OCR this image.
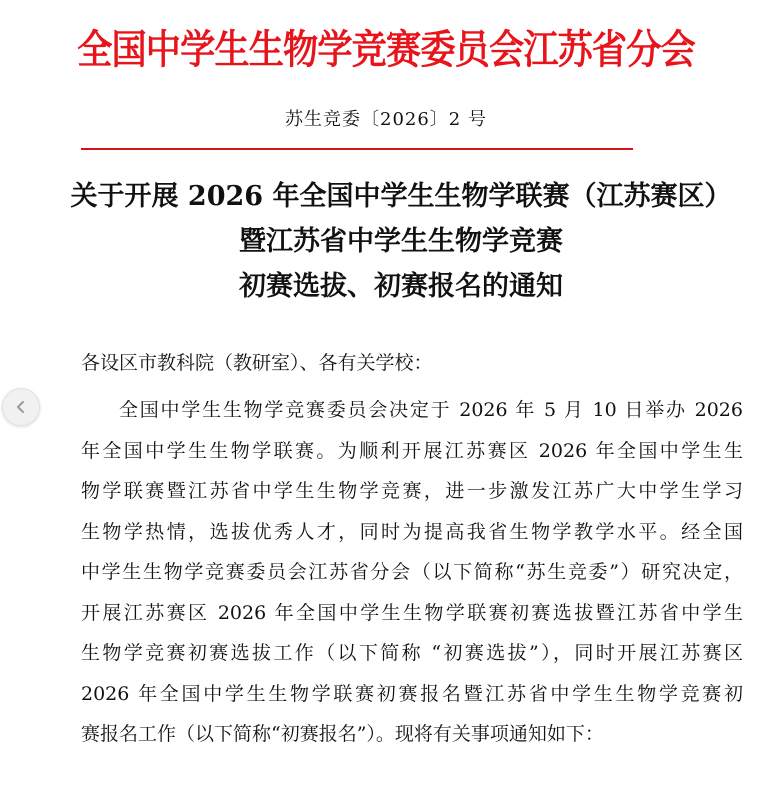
全国中学生生物学竞赛委员会江苏省分会
苏生竞委〔2026〕2 号
关于开展 2026 年全国中学生生物学联赛（江苏赛区）
暨江苏省中学生生物学竞赛
初赛选拔、初赛报名的通知
各设区市教科院（教研室）、各有关学校：
全国中学生生物学竞赛委员会决定于 2026 年 5 月 10 日举办 2026
年全国中学生生物学联赛。为顺利开展江苏赛区 2026 年全国中学生生
物学联赛暨江苏省中学生生物学竞赛，进一步激发江苏广大中学生学习
生物学热情，选拔优秀人才，同时为提高我省生物学教学水平。经全国
中学生生物学竞赛委员会江苏省分会（以下简称“苏生竞委”）研究决定，
开展江苏赛区 2026 年全国中学生生物学联赛初赛选拔暨江苏省中学生
生物学竞赛初赛选拔工作（以下简称 “初赛选拔”），同时开展江苏赛区
2026 年全国中学生生物学联赛初赛报名暨江苏省中学生生物学竞赛初
赛报名工作（以下简称“初赛报名”）。现将有关事项通知如下：
